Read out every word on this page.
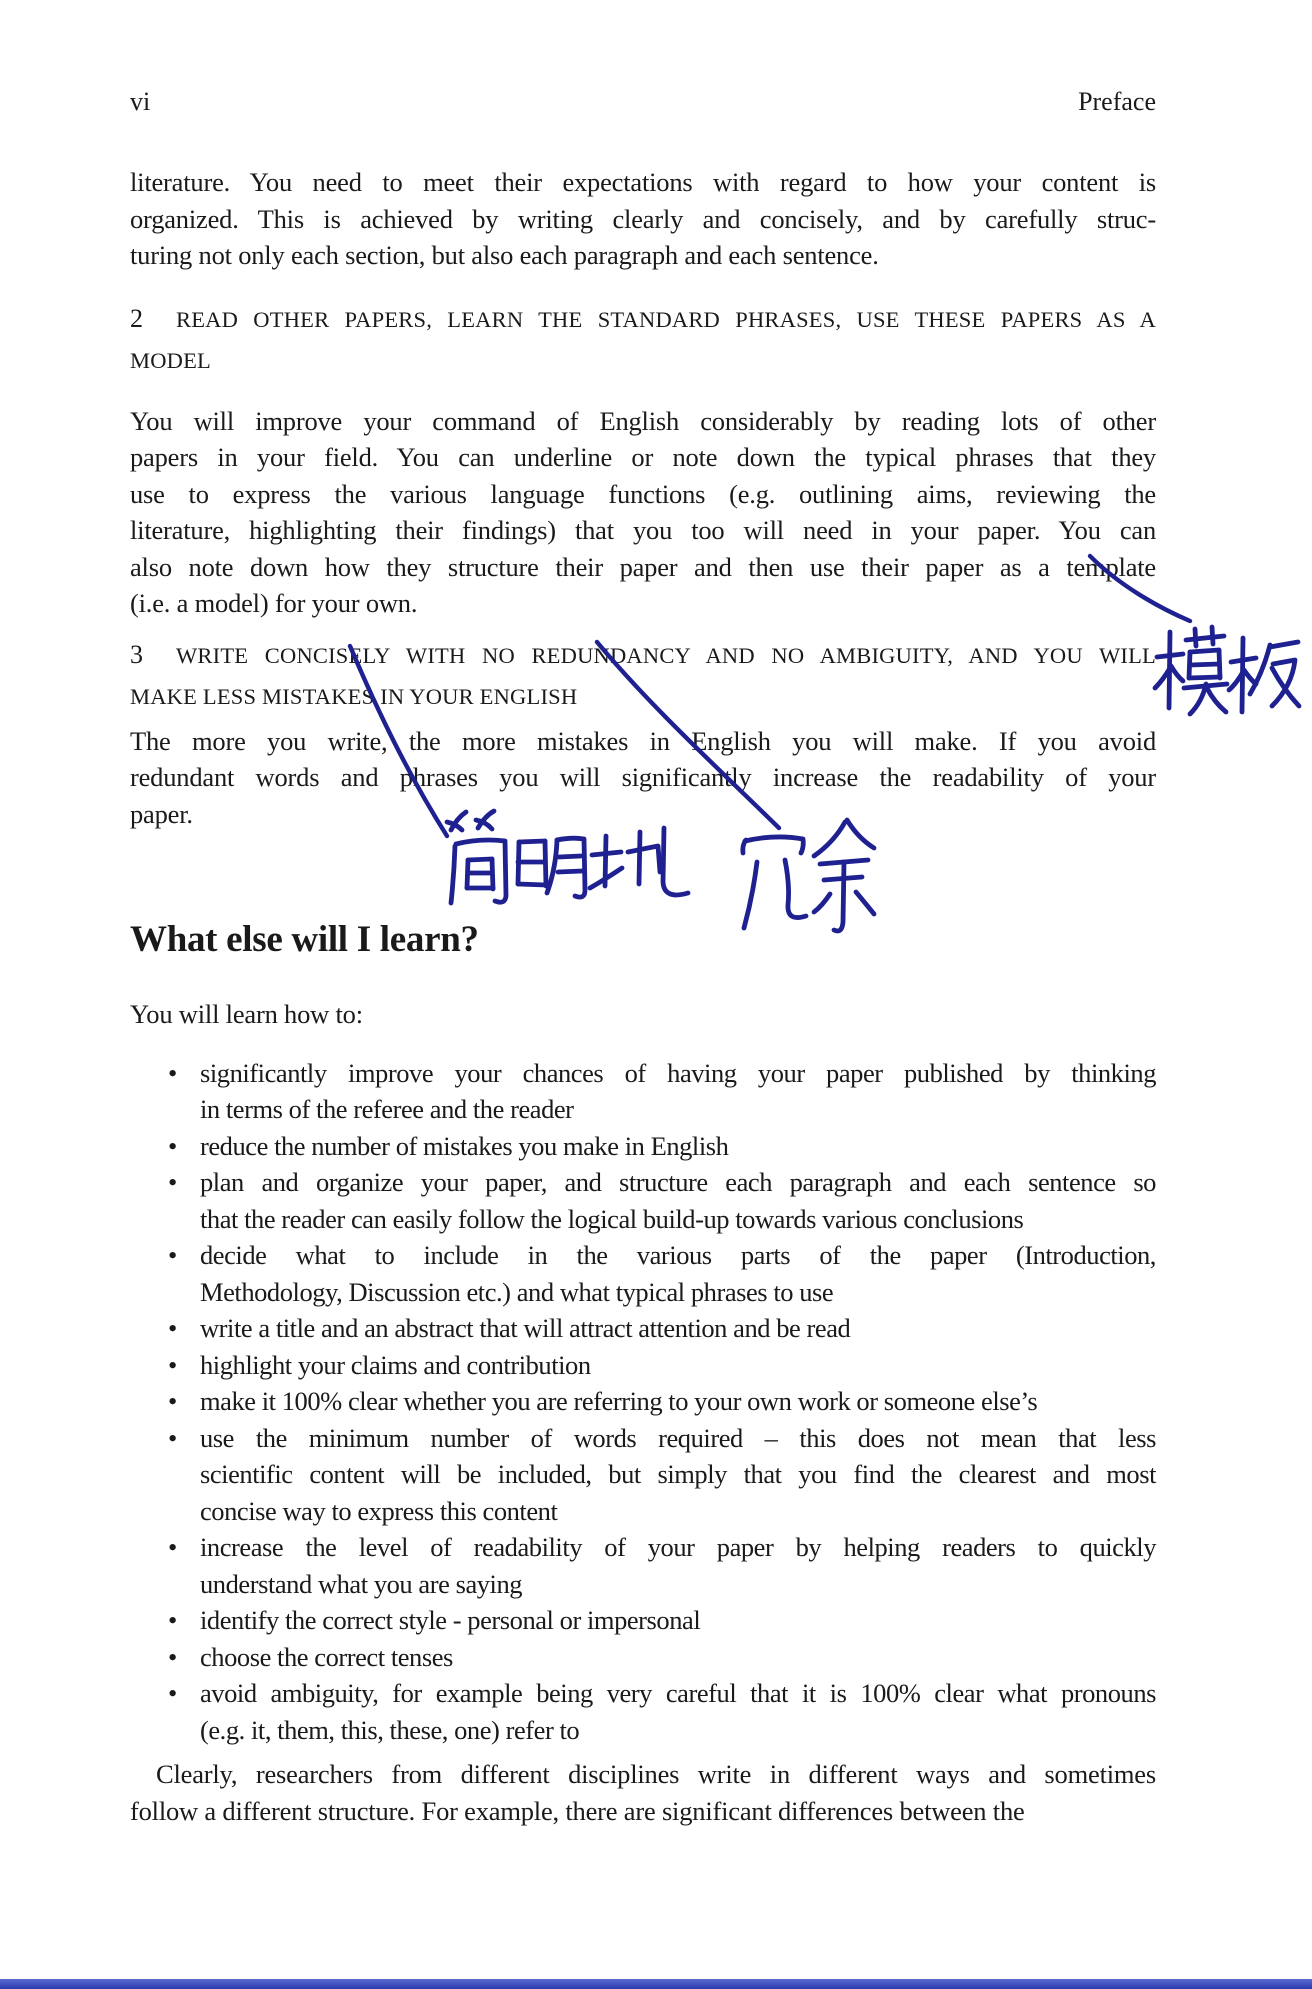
vi	Preface
literature. You need to meet their expectations with regard to how your content is
organized. This is achieved by writing clearly and concisely, and by carefully struc-
turing not only each section, but also each paragraph and each sentence.
2 READ OTHER PAPERS, LEARN THE STANDARD PHRASES, USE THESE PAPERS AS A
MODEL
You will improve your command of English considerably by reading lots of other
papers in your field. You can underline or note down the typical phrases that they
use to express the various language functions (e.g. outlining aims, reviewing the
literature, highlighting their findings) that you too will need in your paper. You can
also note down how they structure their paper and then use their paper as a template
(i.e. a model) for your own.
3 WRITE CONCISELY WITH NO REDUNDANCY AND NO AMBIGUITY, AND YOU WILL
MAKE LESS MISTAKES IN YOUR ENGLISH
The more you write, the more mistakes in English you will make. If you avoid
redundant words and phrases you will significantly increase the readability of your
paper.
What else will I learn?
You will learn how to:
• significantly improve your chances of having your paper published by thinking
in terms of the referee and the reader
• reduce the number of mistakes you make in English
• plan and organize your paper, and structure each paragraph and each sentence so
that the reader can easily follow the logical build-up towards various conclusions
• decide what to include in the various parts of the paper (Introduction,
Methodology, Discussion etc.) and what typical phrases to use
• write a title and an abstract that will attract attention and be read
• highlight your claims and contribution
• make it 100% clear whether you are referring to your own work or someone else’s
• use the minimum number of words required – this does not mean that less
scientific content will be included, but simply that you find the clearest and most
concise way to express this content
• increase the level of readability of your paper by helping readers to quickly
understand what you are saying
• identify the correct style - personal or impersonal
• choose the correct tenses
• avoid ambiguity, for example being very careful that it is 100% clear what pronouns
(e.g. it, them, this, these, one) refer to
Clearly, researchers from different disciplines write in different ways and sometimes
follow a different structure. For example, there are significant differences between the
